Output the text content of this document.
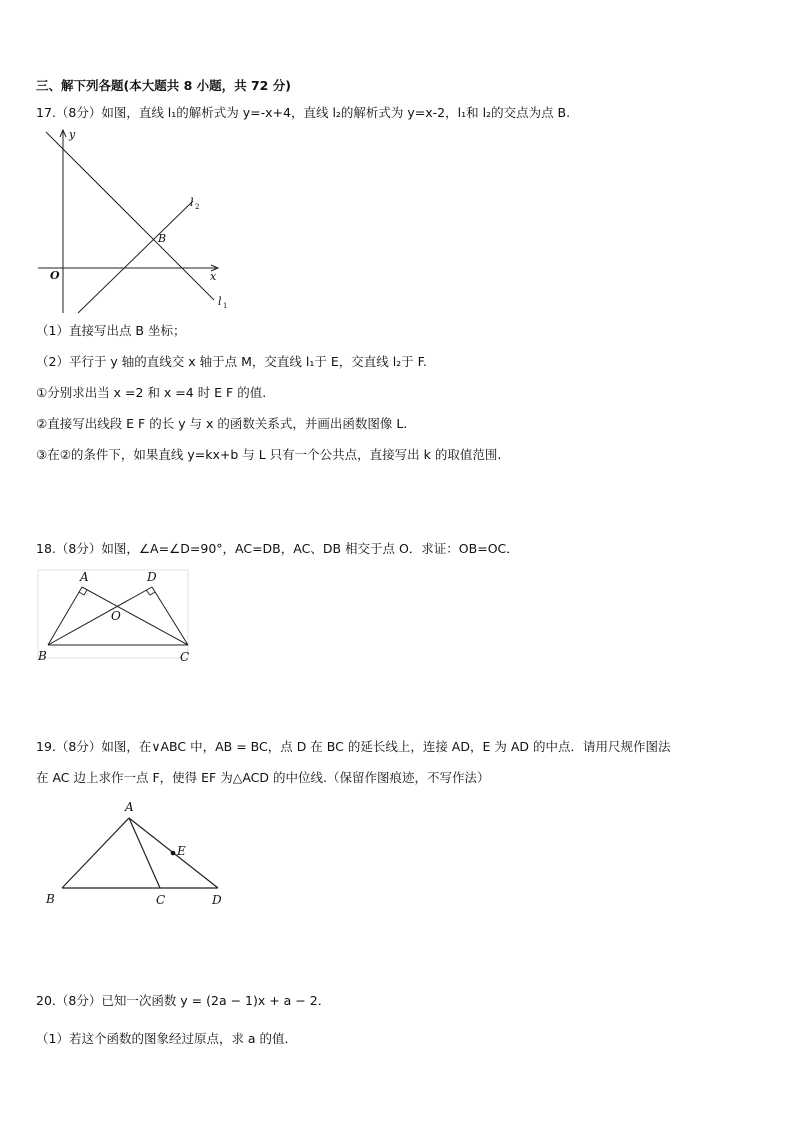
三、解下列各题(本大题共 8 小题，共 72 分)
17.（8分）如图，直线 l₁的解析式为 y=-x+4，直线 l₂的解析式为 y=x-2，l₁和 l₂的交点为点 B.
y
x
O
B
l 2
l 1
（1）直接写出点 B 坐标；
（2）平行于 y 轴的直线交 x 轴于点 M，交直线 l₁于 E，交直线 l₂于 F.
①分别求出当 x =2 和 x =4 时 E F 的值.
②直接写出线段 E F 的长 y 与 x 的函数关系式，并画出函数图像 L.
③在②的条件下，如果直线 y=kx+b 与 L 只有一个公共点，直接写出 k 的取值范围.
18.（8分）如图，∠A=∠D=90°，AC=DB，AC、DB 相交于点 O．求证：OB=OC．
A	D
O
B	C
19.（8分）如图，在∨ABC 中，AB = BC，点 D 在 BC 的延长线上，连接 AD，E 为 AD 的中点．请用尺规作图法
在 AC 边上求作一点 F，使得 EF 为△ACD 的中位线.（保留作图痕迹，不写作法）
A
E
B	C	D
20.（8分）已知一次函数 y = (2a − 1)x + a − 2．
（1）若这个函数的图象经过原点，求 a 的值.
